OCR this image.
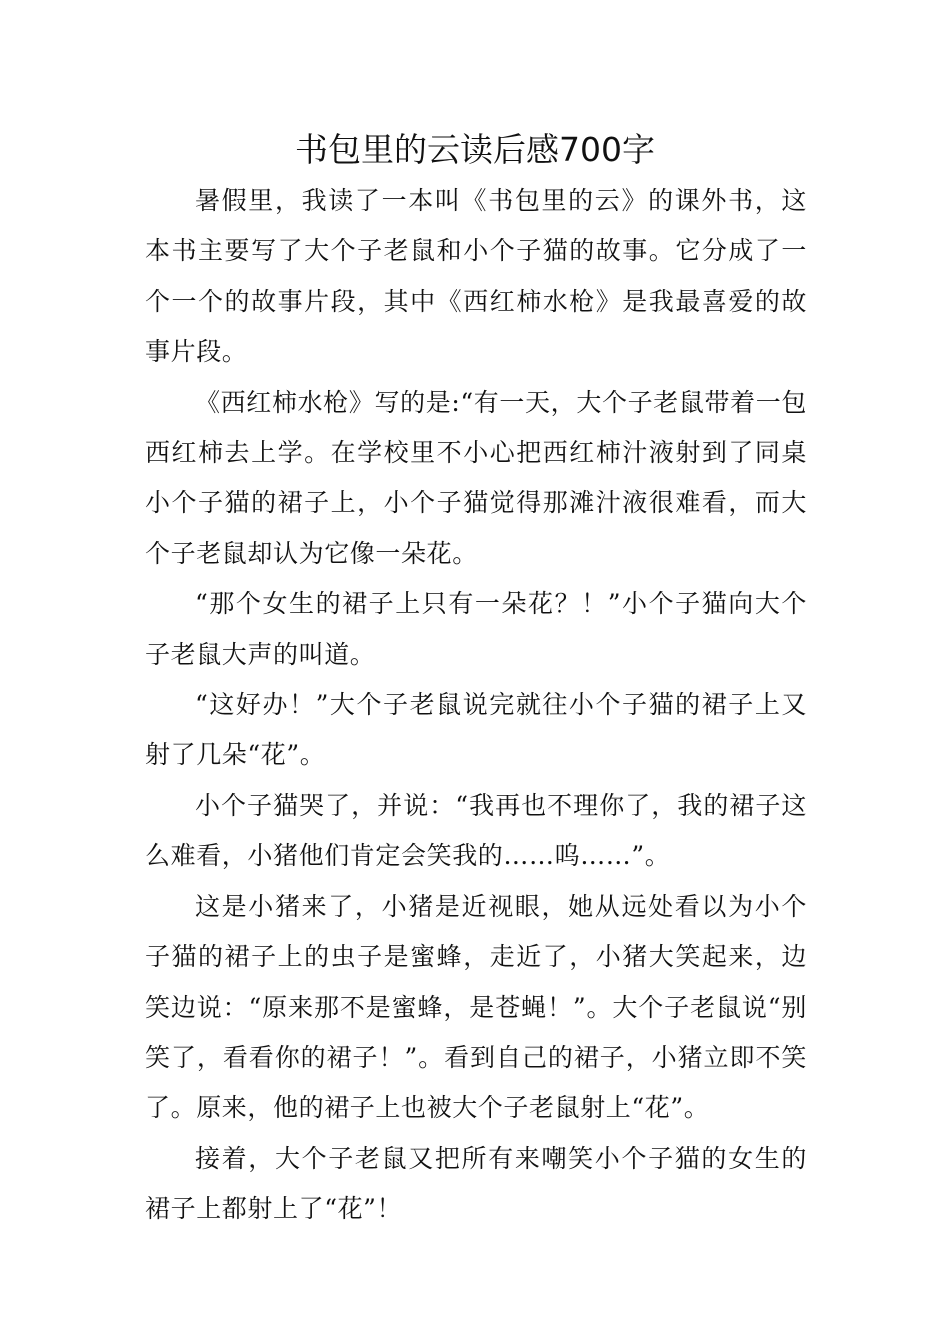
书包里的云读后感700字

暑假里，我读了一本叫《书包里的云》的课外书，这本书主要写了大个子老鼠和小个子猫的故事。它分成了一个一个的故事片段，其中《西红柿水枪》是我最喜爱的故事片段。

《西红柿水枪》写的是:“有一天，大个子老鼠带着一包西红柿去上学。在学校里不小心把西红柿汁液射到了同桌小个子猫的裙子上，小个子猫觉得那滩汁液很难看，而大个子老鼠却认为它像一朵花。

“那个女生的裙子上只有一朵花？！”小个子猫向大个子老鼠大声的叫道。

“这好办！”大个子老鼠说完就往小个子猫的裙子上又射了几朵“花”。

小个子猫哭了，并说：“我再也不理你了，我的裙子这么难看，小猪他们肯定会笑我的……呜……”。

这是小猪来了，小猪是近视眼，她从远处看以为小个子猫的裙子上的虫子是蜜蜂，走近了，小猪大笑起来，边笑边说：“原来那不是蜜蜂，是苍蝇！”。大个子老鼠说“别笑了，看看你的裙子！”。看到自己的裙子，小猪立即不笑了。原来，他的裙子上也被大个子老鼠射上“花”。

接着，大个子老鼠又把所有来嘲笑小个子猫的女生的裙子上都射上了“花”！
